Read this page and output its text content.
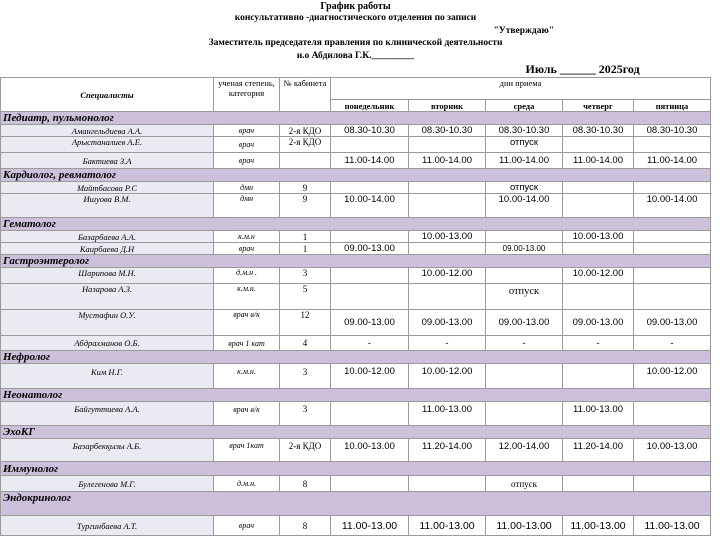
График работы							
консультативно -диагностического отделения по записи							
					"Утверждаю"		
Заместитель председателя правления по клинической деятельности							
и.о Абдилова Г.К._________							
					Июль ______ 2025год		
Специалисты	ученая степень, категория	№ кабинета	дни приема				
			понедельник	вторник	среда	четверг	пятница
Педиатр, пульмонолог							
Амангельдиева А.А.	врач	2-я КДО	08.30-10.30	08.30-10.30	08.30-10.30	08.30-10.30	08.30-10.30
Арыстаналиев А.Е.	врач	2-я КДО			отпуск		
Бактиева З.А	врач		11.00-14.00	11.00-14.00	11.00-14.00	11.00-14.00	11.00-14.00
Кардиолог, ревматолог							
Майтбасова Р.С	дмн	9			отпуск		
Ишуова В.М.	дмн	9	10.00-14.00		10.00-14.00		10.00-14.00
Гематолог							
Базарбаева А.А.	к.м.н	1		10.00-13.00		10.00-13.00	
Каирбаева Д.Н	врач	1	09.00-13.00		09.00-13.00		
Гастроэнтеролог							
Шарипова М.Н.	д.м.н .	3		10.00-12.00		10.00-12.00	
Назарова А.З.	к.м.н.	5			отпуск		
Мустафин О.У.	врач в/к	12	09.00-13.00	09.00-13.00	09.00-13.00	09.00-13.00	09.00-13.00
Абдрахманов О.Б.	врач 1 кат	4	-	-	-	-	-
Нефролог							
Ким Н.Г.	к.м.н.	3	10.00-12.00	10.00-12.00			10.00-12.00
Неонатолог							
Байгуттиева А.А.	врач в/к	3		11.00-13.00		11.00-13.00	
ЭхоКГ							
Базарбекқызы А.Б.	врач 1кат	2-я КДО	10.00-13.00	11.20-14.00	12.00-14.00	11.20-14.00	10.00-13.00
Иммунолог							
Булегенова М.Г.	д.м.н.	8			отпуск		
Эндокринолог							
Тургинбаева А.Т.	врач	8	11.00-13.00	11.00-13.00	11.00-13.00	11.00-13.00	11.00-13.00
